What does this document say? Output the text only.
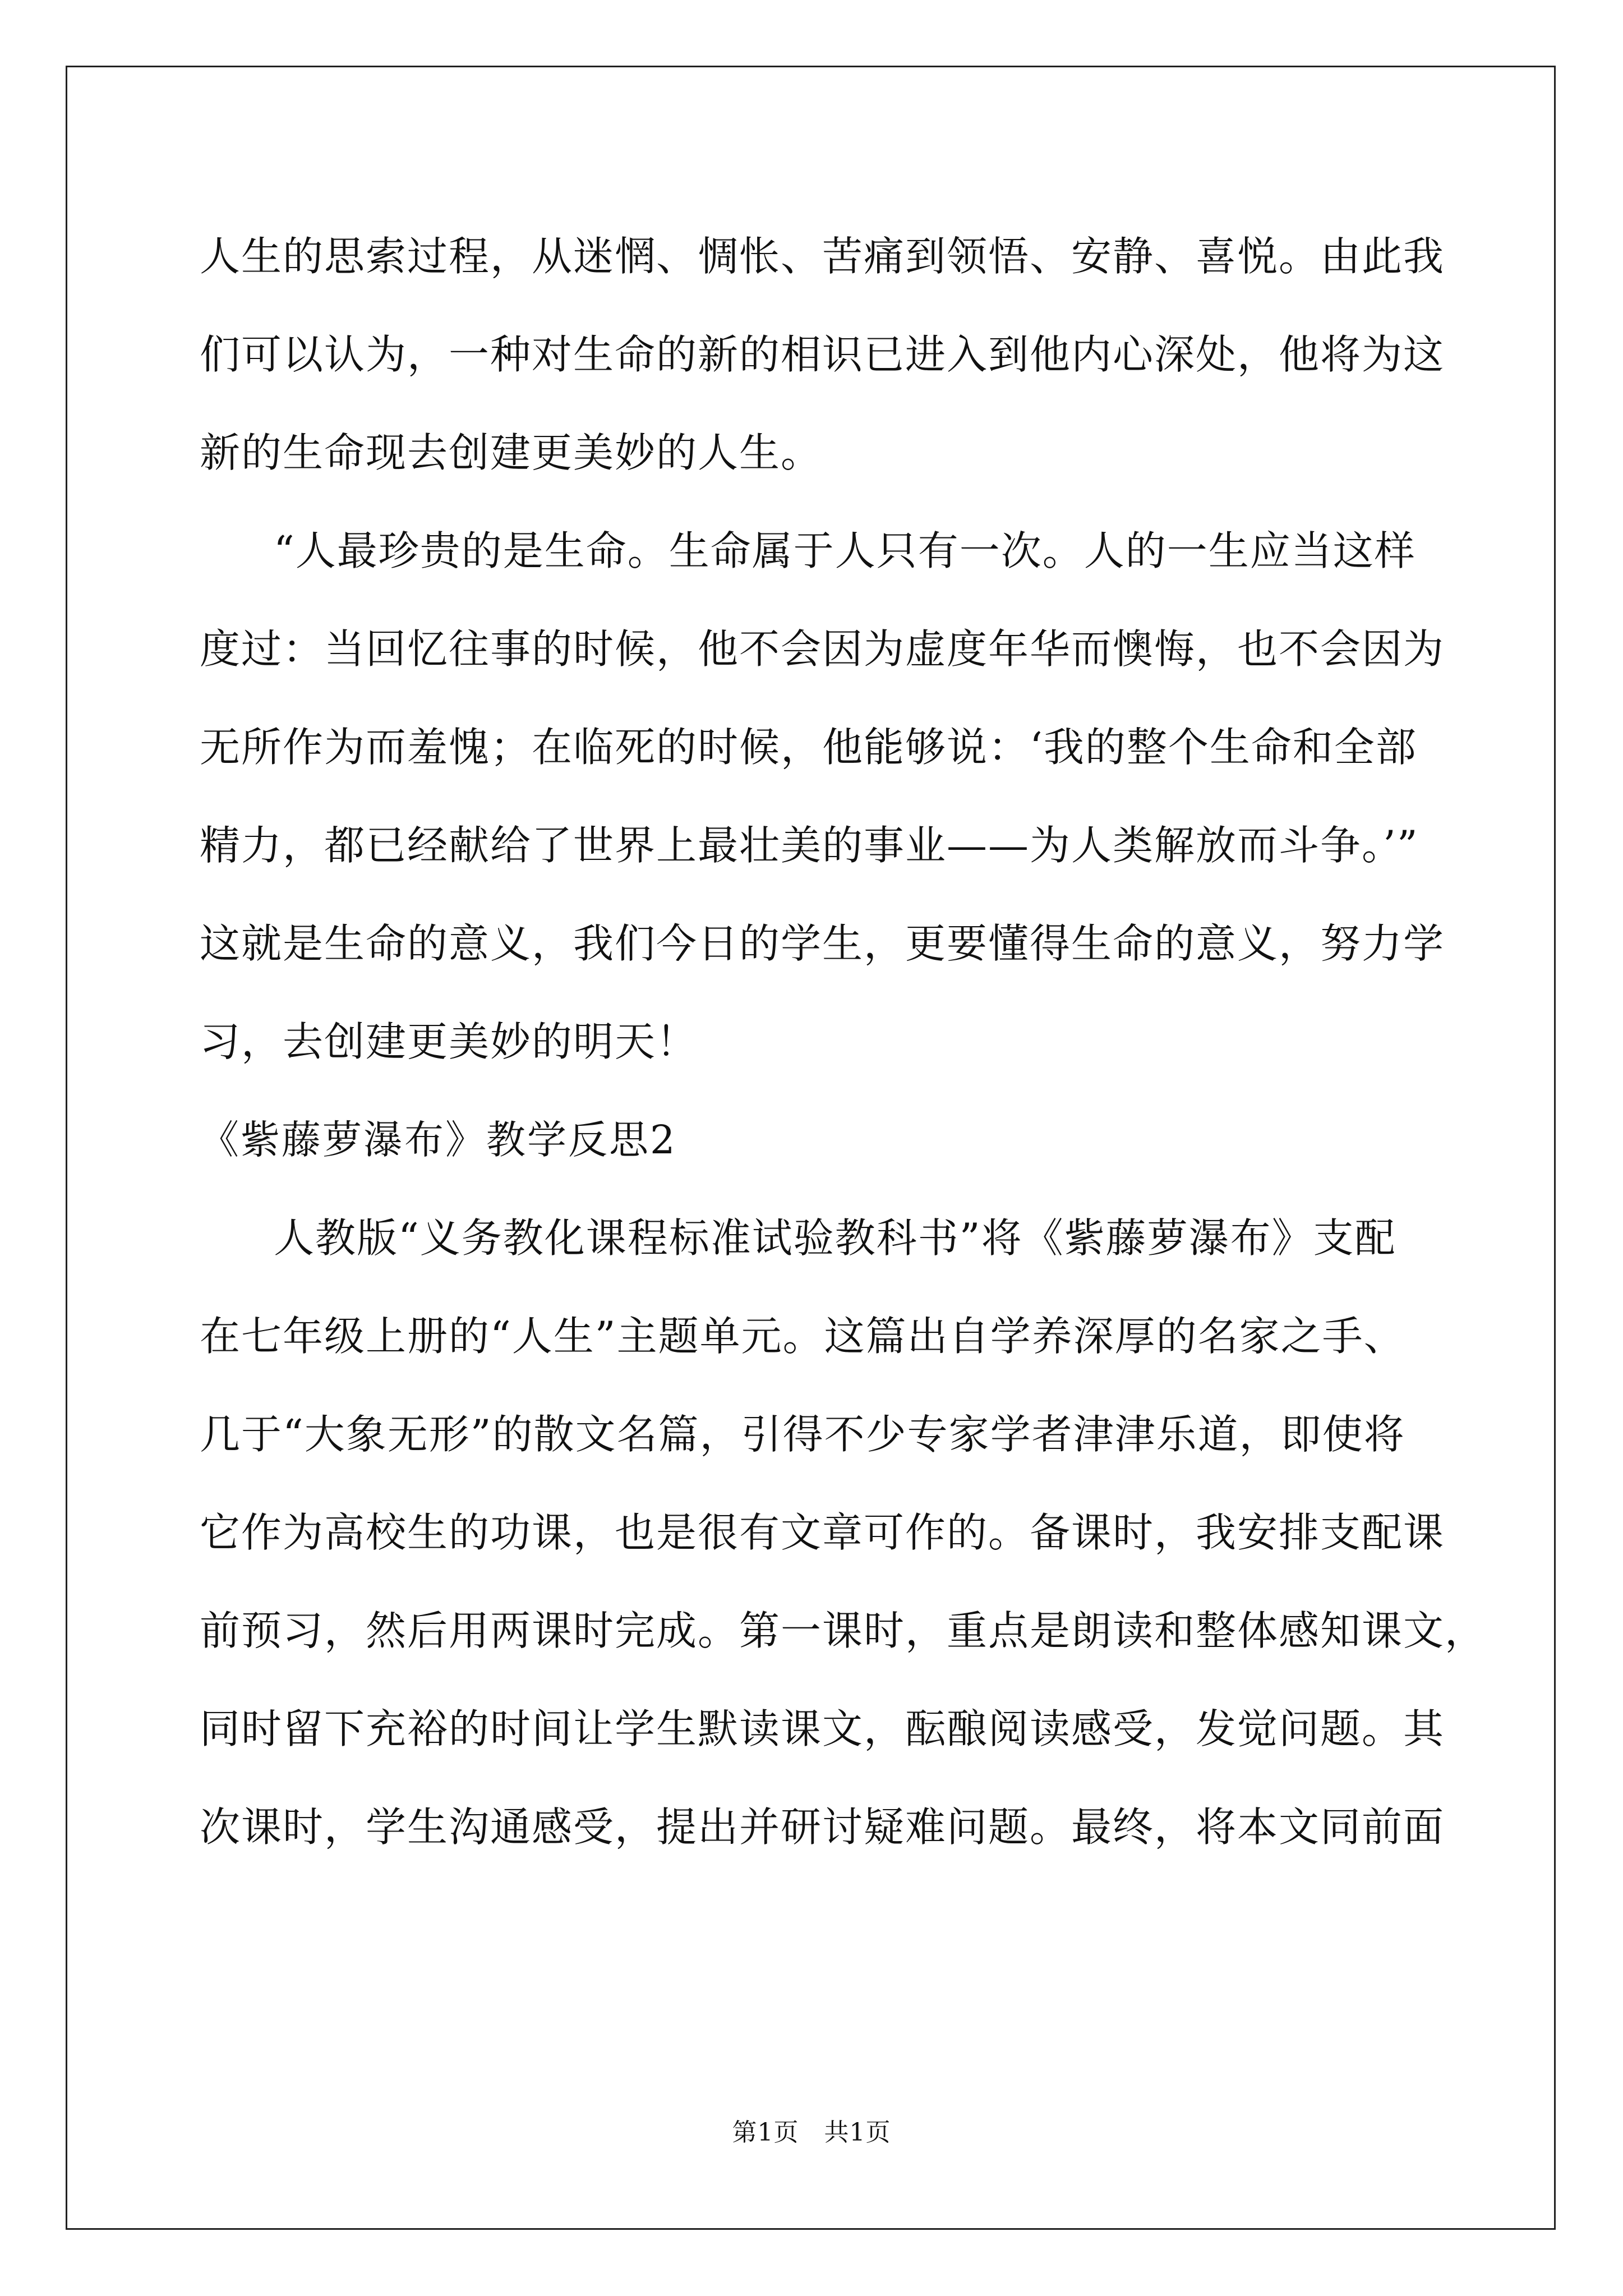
人生的思索过程，从迷惘、惆怅、苦痛到领悟、安静、喜悦。由此我
们可以认为，一种对生命的新的相识已进入到他内心深处，他将为这
新的生命现去创建更美妙的人生。
“人最珍贵的是生命。生命属于人只有一次。人的一生应当这样
度过：当回忆往事的时候，他不会因为虚度年华而懊悔，也不会因为
无所作为而羞愧；在临死的时候，他能够说：‘我的整个生命和全部
精力，都已经献给了世界上最壮美的事业——为人类解放而斗争。’”
这就是生命的意义，我们今日的学生，更要懂得生命的意义，努力学
习，去创建更美妙的明天！
《紫藤萝瀑布》教学反思2
人教版“义务教化课程标准试验教科书”将《紫藤萝瀑布》支配
在七年级上册的“人生”主题单元。这篇出自学养深厚的名家之手、
几于“大象无形”的散文名篇，引得不少专家学者津津乐道，即使将
它作为高校生的功课，也是很有文章可作的。备课时，我安排支配课
前预习，然后用两课时完成。第一课时，重点是朗读和整体感知课文，
同时留下充裕的时间让学生默读课文，酝酿阅读感受，发觉问题。其
次课时，学生沟通感受，提出并研讨疑难问题。最终，将本文同前面
第1页　共1页
